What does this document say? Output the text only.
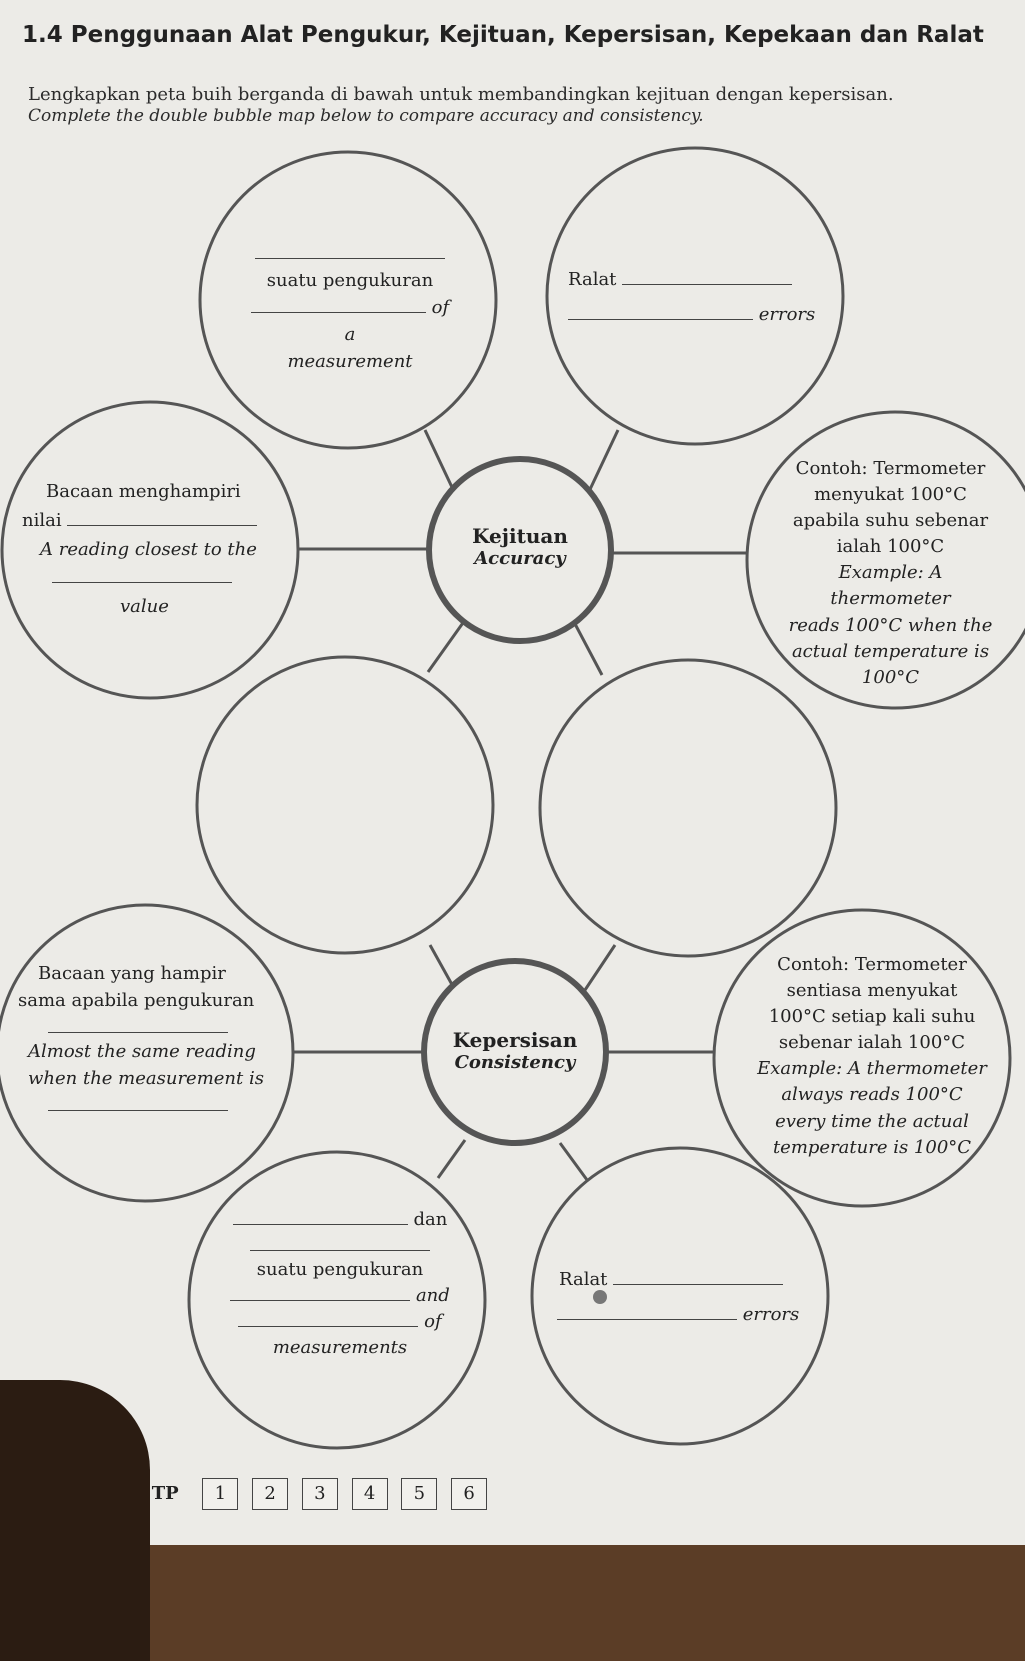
1.4 Penggunaan Alat Pengukur, Kejituan, Kepersisan, Kepekaan dan Ralat
Lengkapkan peta buih berganda di bawah untuk membandingkan kejituan dengan kepersisan.
Complete the double bubble map below to compare accuracy and consistency.
Kejituan
Accuracy
suatu pengukuran
of a
measurement
Ralat
errors
Bacaan menghampiri
nilai
A reading closest to the
value
Contoh: Termometer
menyukat 100°C
apabila suhu sebenar
ialah 100°C
Example: A thermometer
reads 100°C when the
actual temperature is
100°C
Kepersisan
Consistency
Bacaan yang hampir
sama apabila pengukuran
Almost the same reading
when the measurement is
Contoh: Termometer
sentiasa menyukat
100°C setiap kali suhu
sebenar ialah 100°C
Example: A thermometer
always reads 100°C
every time the actual
temperature is 100°C
dan
suatu pengukuran
and
of
measurements
Ralat
errors
TP 1 2 3 4 5 6
